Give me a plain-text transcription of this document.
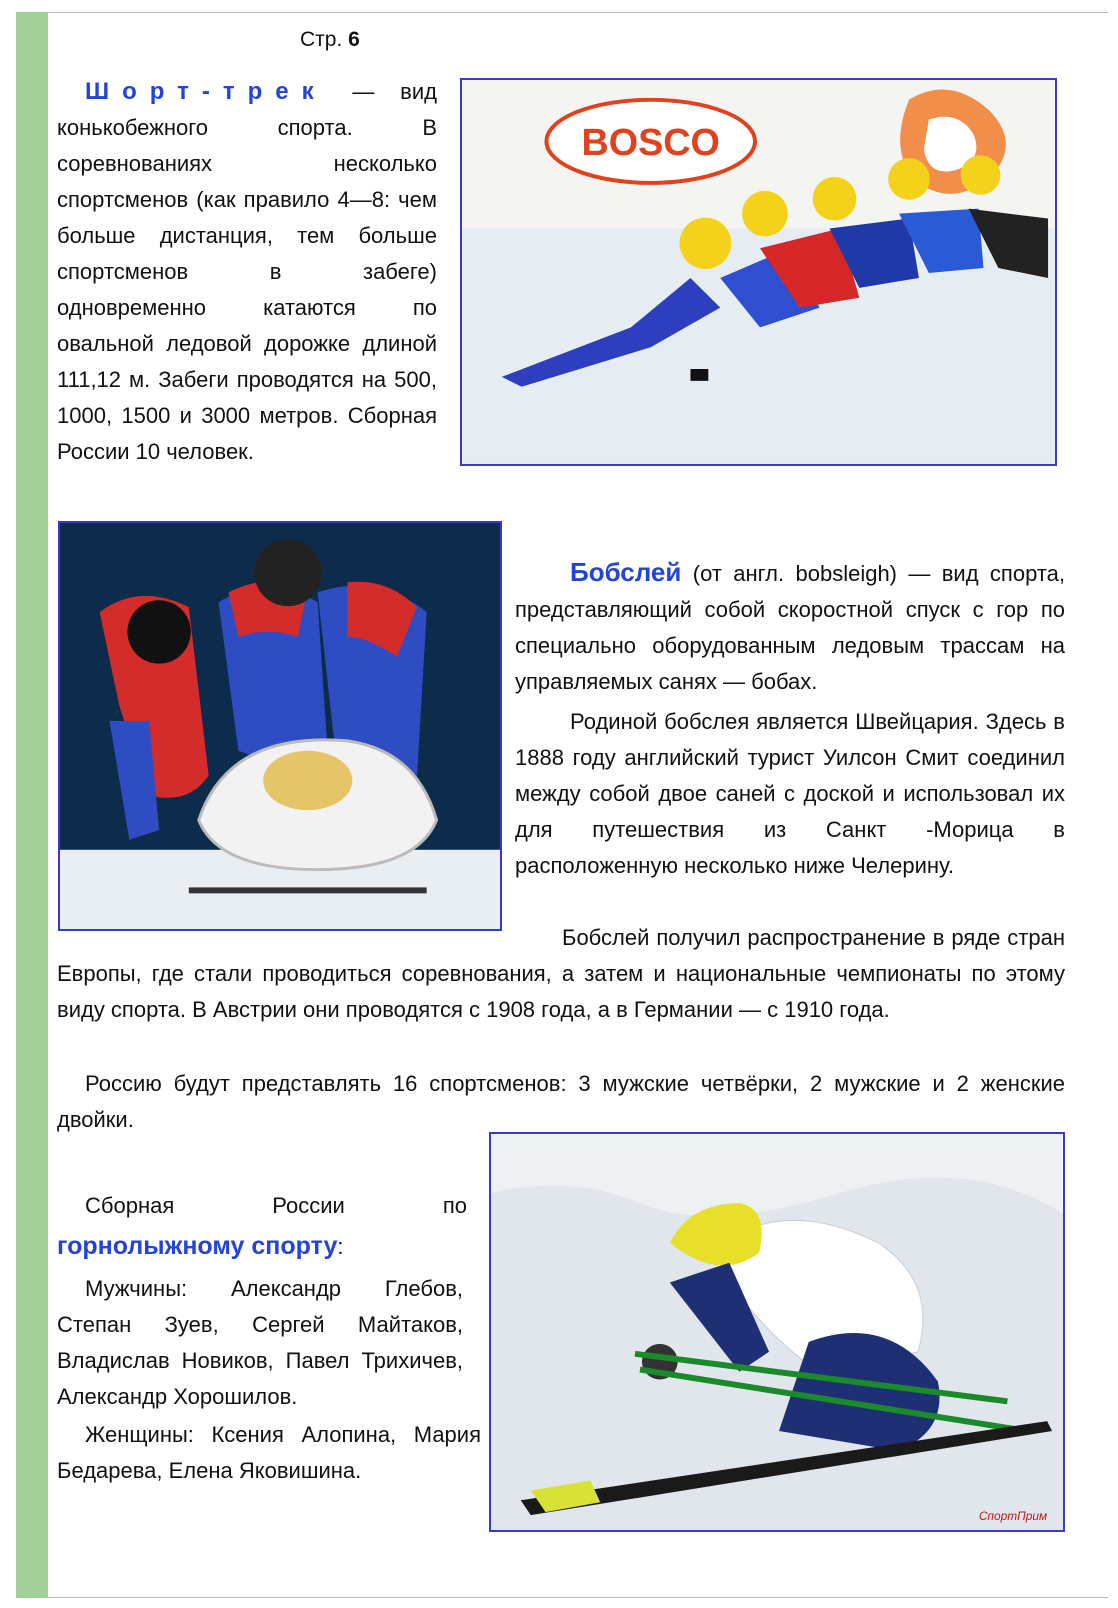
Стр. 6
Шорт-трек — вид конькобежного спорта. В соревнованиях несколько спортсменов (как правило 4—8: чем больше дистанция, тем больше спортсменов в забеге) одновременно катаются по овальной ледовой дорожке длиной 111,12 м. Забеги проводятся на 500, 1000, 1500 и 3000 метров. Сборная России 10 человек.
BOSCO
Бобслей (от англ. bobsleigh) — вид спорта, представляющий собой скоростной спуск с гор по специально оборудованным ледовым трассам на управляемых санях — бобах.
Родиной бобслея является Швейцария. Здесь в 1888 году английский турист Уилсон Смит соединил между собой двое саней с доской и использовал их для путешествия из Санкт -Морица в расположенную несколько ниже Челерину.
Бобслей получил распространение в ряде стран Европы, где стали проводиться соревнования, а затем и национальные чемпионаты по этому виду спорта. В Австрии они проводятся с 1908 года, а в Германии — с 1910 года.
Россию будут представлять 16 спортсменов: 3 мужские четвёрки, 2 мужские и 2 женские двойки.
Сборная России по горнолыжному спорту:
Мужчины: Александр Глебов, Степан Зуев, Сергей Майтаков, Владислав Новиков, Павел Трихичев, Александр Хорошилов.
Женщины: Ксения Алопина, Мария Бедарева, Елена Яковишина.
СпортПрим
